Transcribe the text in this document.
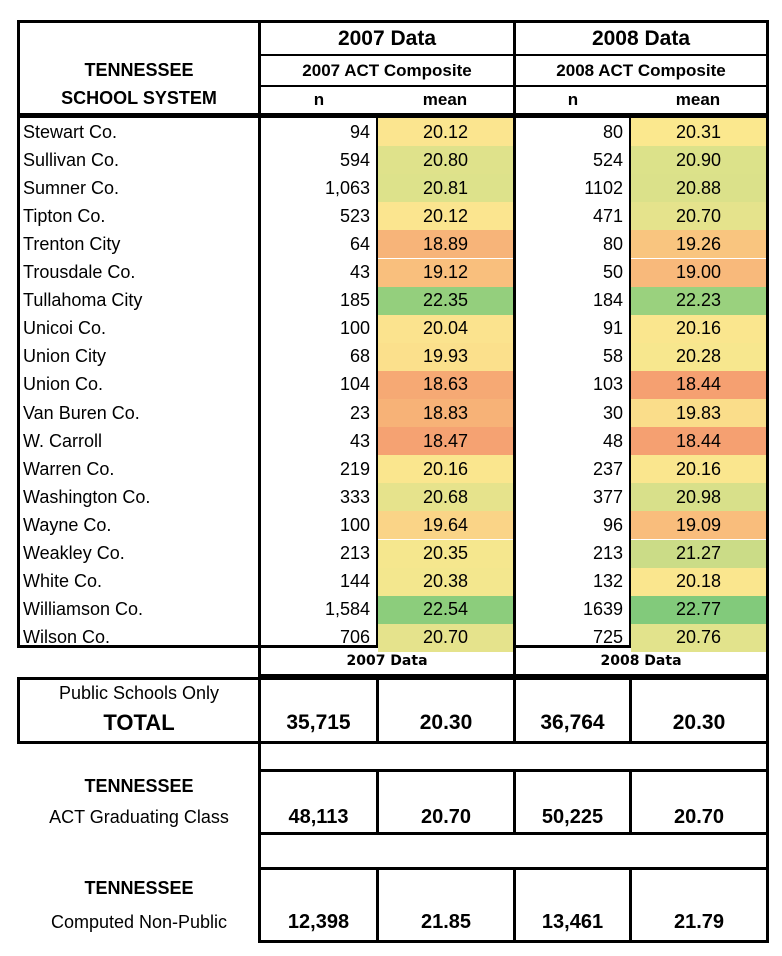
2007 Data	2008 Data
2007 ACT Composite	2008 ACT Composite
TENNESSEE
SCHOOL SYSTEM	n	mean	n	mean
Stewart Co.	94	20.12	80	20.31
Sullivan Co.	594	20.80	524	20.90
Sumner Co.	1,063	20.81	1102	20.88
Tipton Co.	523	20.12	471	20.70
Trenton City	64	18.89	80	19.26
Trousdale Co.	43	19.12	50	19.00
Tullahoma City	185	22.35	184	22.23
Unicoi Co.	100	20.04	91	20.16
Union City	68	19.93	58	20.28
Union Co.	104	18.63	103	18.44
Van Buren Co.	23	18.83	30	19.83
W. Carroll	43	18.47	48	18.44
Warren Co.	219	20.16	237	20.16
Washington Co.	333	20.68	377	20.98
Wayne Co.	100	19.64	96	19.09
Weakley Co.	213	20.35	213	21.27
White Co.	144	20.38	132	20.18
Williamson Co.	1,584	22.54	1639	22.77
Wilson Co.	706	20.70	725	20.76
2007 Data	2008 Data
Public Schools Only
TOTAL	35,715	20.30	36,764	20.30
TENNESSEE
ACT Graduating Class	48,113	20.70	50,225	20.70
TENNESSEE
Computed Non-Public	12,398	21.85	13,461	21.79
